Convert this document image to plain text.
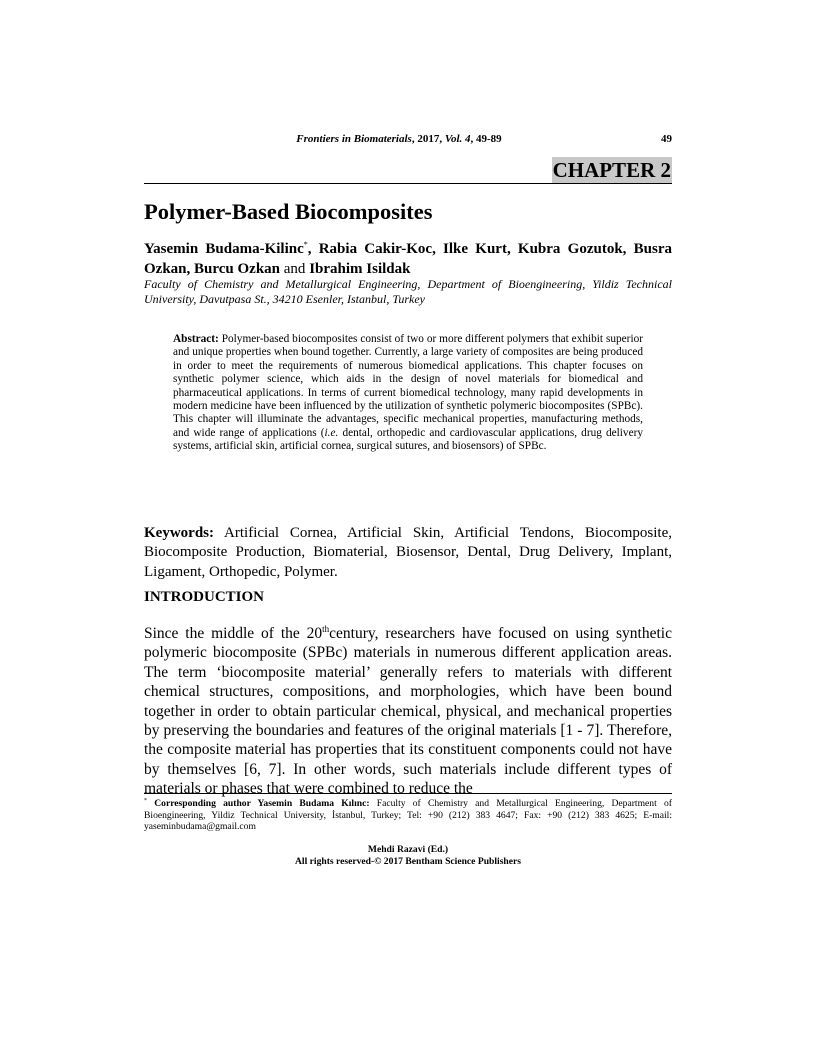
Frontiers in Biomaterials, 2017, Vol. 4, 49-89	49
CHAPTER 2
Polymer-Based Biocomposites
Yasemin Budama-Kilinc*, Rabia Cakir-Koc, Ilke Kurt, Kubra Gozutok, Busra Ozkan, Burcu Ozkan and Ibrahim Isildak
Faculty of Chemistry and Metallurgical Engineering, Department of Bioengineering, Yildiz Technical University, Davutpasa St., 34210 Esenler, Istanbul, Turkey
Abstract: Polymer-based biocomposites consist of two or more different polymers that exhibit superior and unique properties when bound together. Currently, a large variety of composites are being produced in order to meet the requirements of numerous biomedical applications. This chapter focuses on synthetic polymer science, which aids in the design of novel materials for biomedical and pharmaceutical applications. In terms of current biomedical technology, many rapid developments in modern medicine have been influenced by the utilization of synthetic polymeric biocomposites (SPBc). This chapter will illuminate the advantages, specific mechanical properties, manufacturing methods, and wide range of applications (i.e. dental, orthopedic and cardiovascular applications, drug delivery systems, artificial skin, artificial cornea, surgical sutures, and biosensors) of SPBc.
Keywords: Artificial Cornea, Artificial Skin, Artificial Tendons, Biocomposite, Biocomposite Production, Biomaterial, Biosensor, Dental, Drug Delivery, Implant, Ligament, Orthopedic, Polymer.
INTRODUCTION
Since the middle of the 20thcentury, researchers have focused on using synthetic polymeric biocomposite (SPBc) materials in numerous different application areas. The term ‘biocomposite material’ generally refers to materials with different chemical structures, compositions, and morphologies, which have been bound together in order to obtain particular chemical, physical, and mechanical properties by preserving the boundaries and features of the original materials [1 - 7]. Therefore, the composite material has properties that its constituent components could not have by themselves [6, 7]. In other words, such materials include different types of materials or phases that were combined to reduce the
* Corresponding author Yasemin Budama Kılınc: Faculty of Chemistry and Metallurgical Engineering, Department of Bioengineering, Yildiz Technical University, İstanbul, Turkey; Tel: +90 (212) 383 4647; Fax: +90 (212) 383 4625; E-mail: yaseminbudama@gmail.com
Mehdi Razavi (Ed.)
All rights reserved-© 2017 Bentham Science Publishers
